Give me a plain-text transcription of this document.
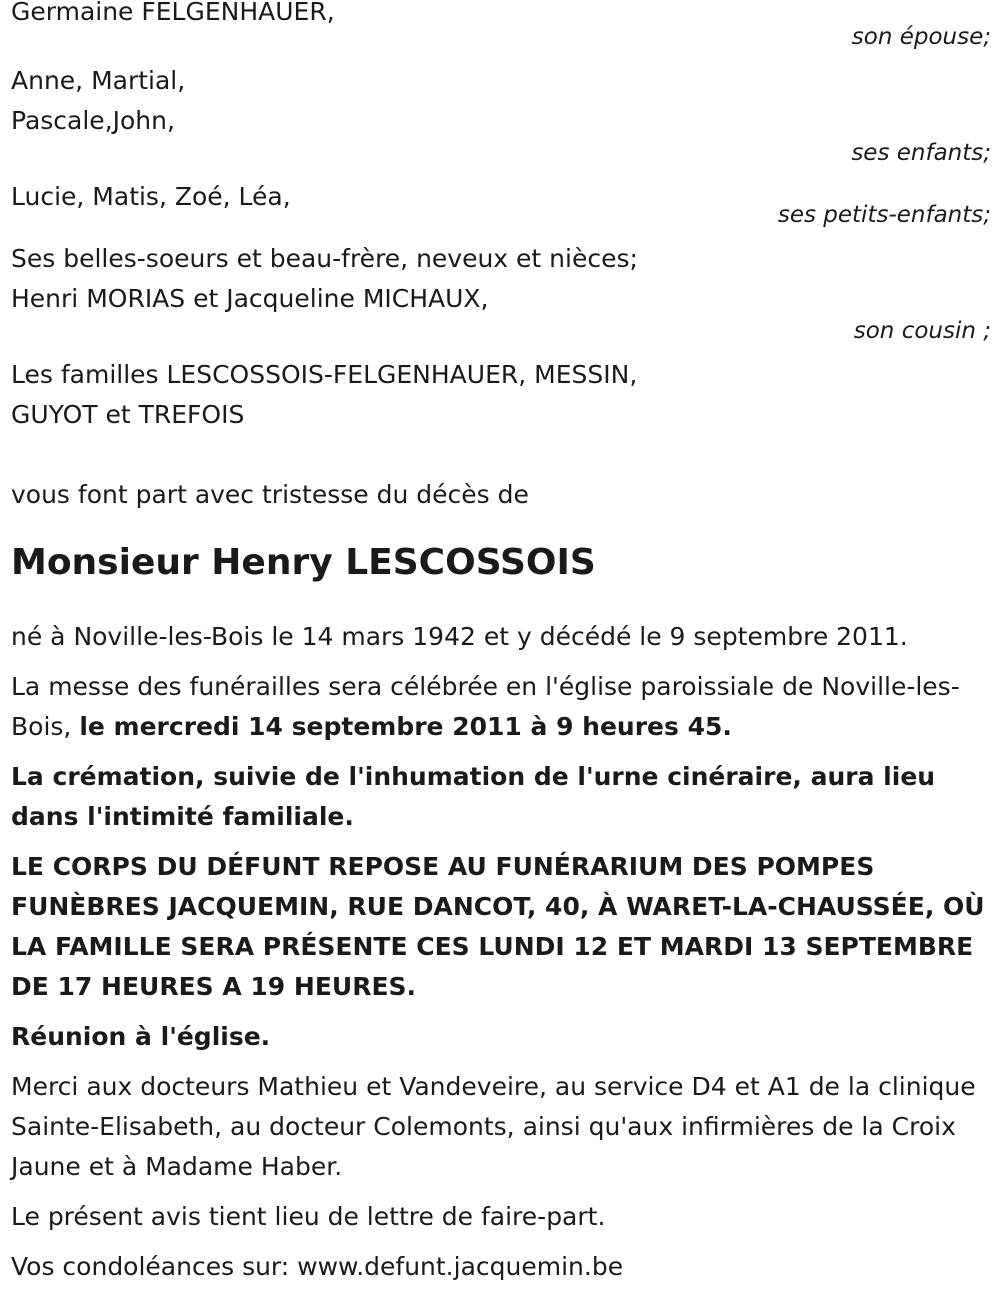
Germaine FELGENHAUER,
son épouse;
Anne, Martial,
Pascale,John,
ses enfants;
Lucie, Matis, Zoé, Léa,
ses petits-enfants;
Ses belles-soeurs et beau-frère, neveux et nièces;
Henri MORIAS et Jacqueline MICHAUX,
son cousin ;
Les familles LESCOSSOIS-FELGENHAUER, MESSIN,
GUYOT et TREFOIS
vous font part avec tristesse du décès de
Monsieur Henry LESCOSSOIS
né à Noville-les-Bois le 14 mars 1942 et y décédé le 9 septembre 2011.
La messe des funérailles sera célébrée en l'église paroissiale de Noville-les-Bois, le mercredi 14 septembre 2011 à 9 heures 45.
La crémation, suivie de l'inhumation de l'urne cinéraire, aura lieu dans l'intimité familiale.
LE CORPS DU DÉFUNT REPOSE AU FUNÉRARIUM DES POMPES FUNÈBRES JACQUEMIN, RUE DANCOT, 40, À WARET-LA-CHAUSSÉE, OÙ LA FAMILLE SERA PRÉSENTE CES LUNDI 12 ET MARDI 13 SEPTEMBRE DE 17 HEURES A 19 HEURES.
Réunion à l'église.
Merci aux docteurs Mathieu et Vandeveire, au service D4 et A1 de la clinique Sainte-Elisabeth, au docteur Colemonts, ainsi qu'aux infirmières de la Croix Jaune et à Madame Haber.
Le présent avis tient lieu de lettre de faire-part.
Vos condoléances sur: www.defunt.jacquemin.be
